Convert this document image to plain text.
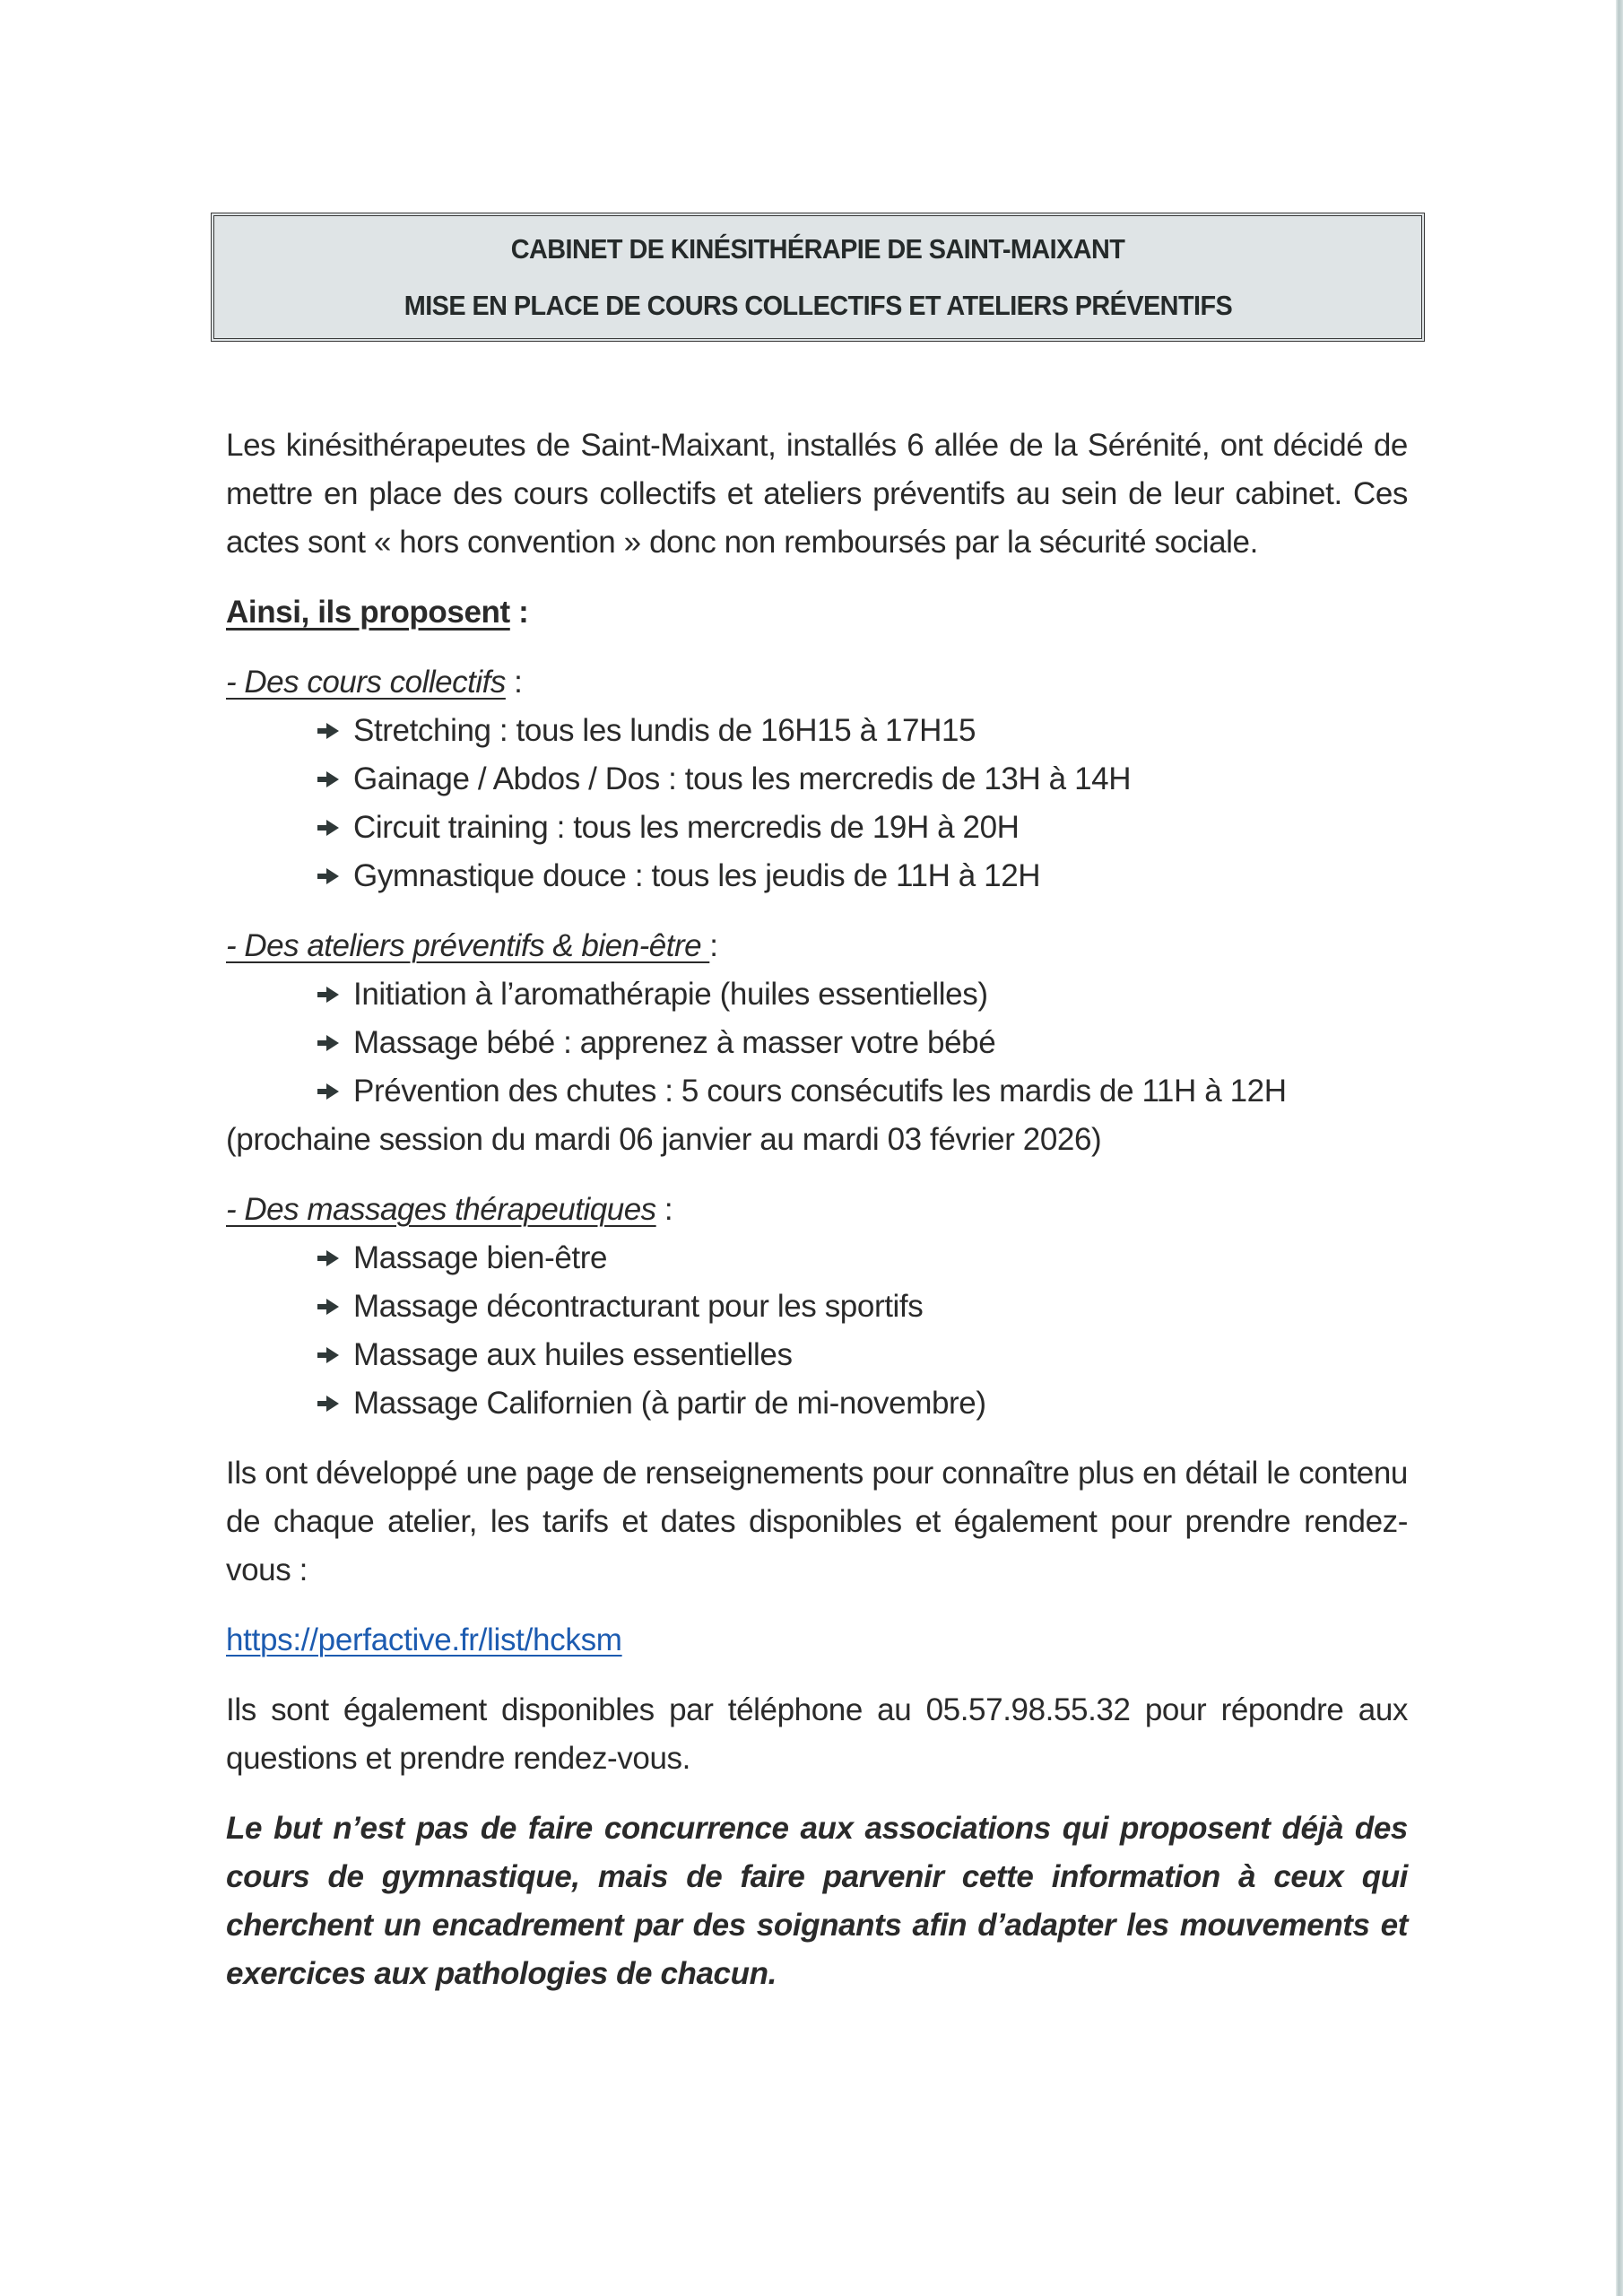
CABINET DE KINÉSITHÉRAPIE DE SAINT-MAIXANT
MISE EN PLACE DE COURS COLLECTIFS ET ATELIERS PRÉVENTIFS

Les kinésithérapeutes de Saint-Maixant, installés 6 allée de la Sérénité, ont décidé de mettre en place des cours collectifs et ateliers préventifs au sein de leur cabinet. Ces actes sont « hors convention » donc non remboursés par la sécurité sociale.

Ainsi, ils proposent :

- Des cours collectifs :

Stretching : tous les lundis de 16H15 à 17H15
Gainage / Abdos / Dos : tous les mercredis de 13H à 14H
Circuit training : tous les mercredis de 19H à 20H
Gymnastique douce : tous les jeudis de 11H à 12H

- Des ateliers préventifs & bien-être :

Initiation à l’aromathérapie (huiles essentielles)
Massage bébé : apprenez à masser votre bébé
Prévention des chutes : 5 cours consécutifs les mardis de 11H à 12H

(prochaine session du mardi 06 janvier au mardi 03 février 2026)

- Des massages thérapeutiques :

Massage bien-être
Massage décontracturant pour les sportifs
Massage aux huiles essentielles
Massage Californien (à partir de mi-novembre)

Ils ont développé une page de renseignements pour connaître plus en détail le contenu de chaque atelier, les tarifs et dates disponibles et également pour prendre rendez-vous :

https://perfactive.fr/list/hcksm

Ils sont également disponibles par téléphone au 05.57.98.55.32 pour répondre aux questions et prendre rendez-vous.

Le but n’est pas de faire concurrence aux associations qui proposent déjà des cours de gymnastique, mais de faire parvenir cette information à ceux qui cherchent un encadrement par des soignants afin d’adapter les mouvements et exercices aux pathologies de chacun.
